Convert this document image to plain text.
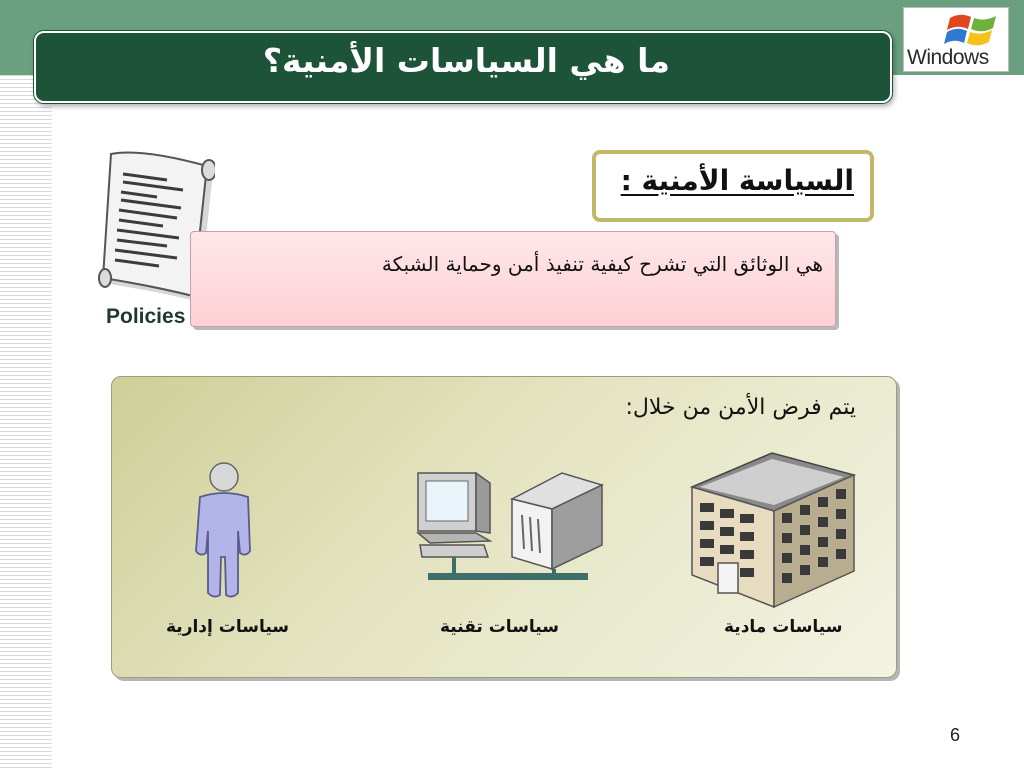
ما هي السياسات الأمنية؟	Windows
Policies
السياسة الأمنية :
هي الوثائق التي تشرح كيفية تنفيذ أمن وحماية الشبكة
يتم فرض الأمن من خلال:
سياسات مادية
سياسات تقنية
سياسات إدارية
6
